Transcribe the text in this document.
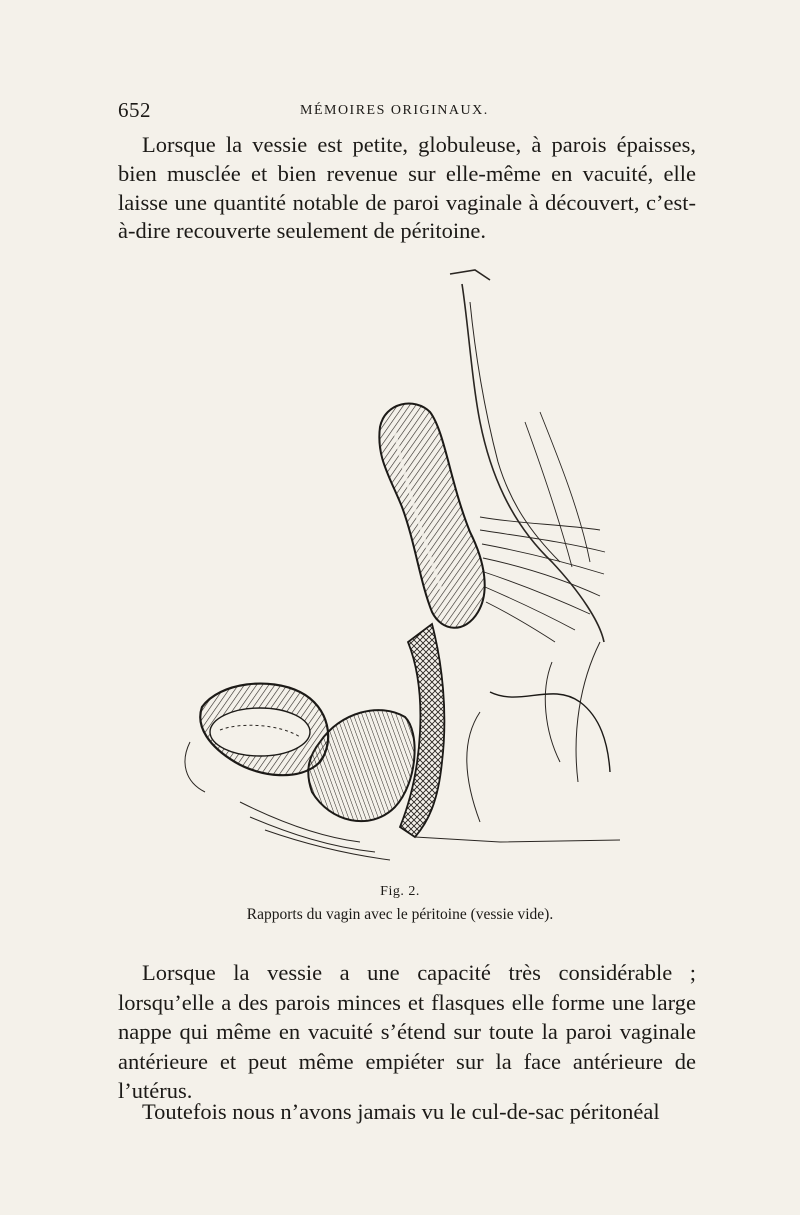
652	MÉMOIRES ORIGINAUX.

Lorsque la vessie est petite, globuleuse, à parois épaisses, bien musclée et bien revenue sur elle-même en vacuité, elle laisse une quantité notable de paroi vaginale à découvert, c’est-à-dire recouverte seulement de péritoine.

Fig. 2.
Rapports du vagin avec le péritoine (vessie vide).

Lorsque la vessie a une capacité très considérable ; lorsqu’elle a des parois minces et flasques elle forme une large nappe qui même en vacuité s’étend sur toute la paroi vaginale antérieure et peut même empiéter sur la face antérieure de l’utérus.

Toutefois nous n’avons jamais vu le cul-de-sac péritonéal
